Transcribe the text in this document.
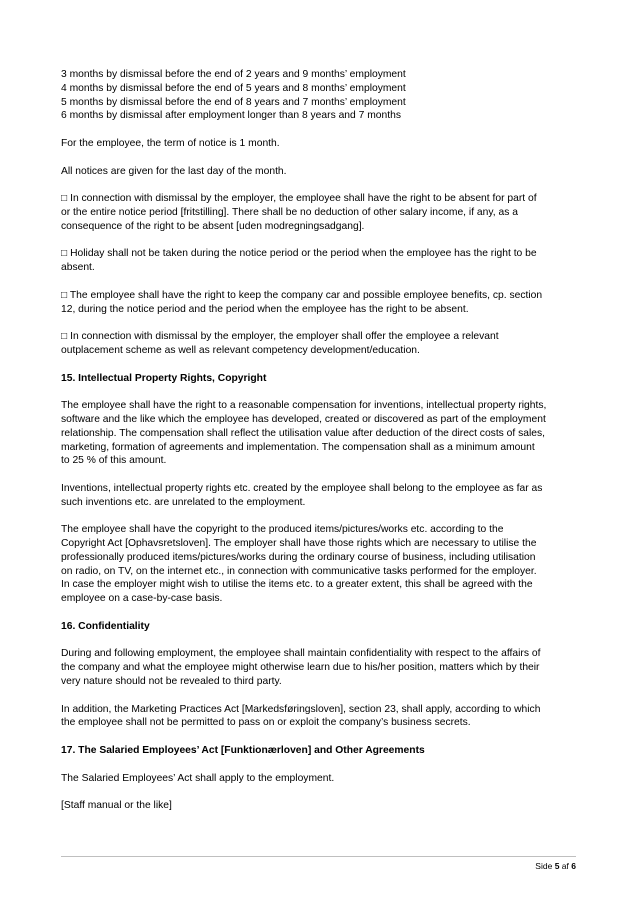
3 months by dismissal before the end of 2 years and 9 months’ employment
4 months by dismissal before the end of 5 years and 8 months’ employment
5 months by dismissal before the end of 8 years and 7 months’ employment
6 months by dismissal after employment longer than 8 years and 7 months
For the employee, the term of notice is 1 month.
All notices are given for the last day of the month.
□ In connection with dismissal by the employer, the employee shall have the right to be absent for part of
or the entire notice period [fritstilling]. There shall be no deduction of other salary income, if any, as a
consequence of the right to be absent [uden modregningsadgang].
□ Holiday shall not be taken during the notice period or the period when the employee has the right to be
absent.
□ The employee shall have the right to keep the company car and possible employee benefits, cp. section
12, during the notice period and the period when the employee has the right to be absent.
□ In connection with dismissal by the employer, the employer shall offer the employee a relevant
outplacement scheme as well as relevant competency development/education.
15. Intellectual Property Rights, Copyright
The employee shall have the right to a reasonable compensation for inventions, intellectual property rights,
software and the like which the employee has developed, created or discovered as part of the employment
relationship. The compensation shall reflect the utilisation value after deduction of the direct costs of sales,
marketing, formation of agreements and implementation. The compensation shall as a minimum amount
to 25 % of this amount.
Inventions, intellectual property rights etc. created by the employee shall belong to the employee as far as
such inventions etc. are unrelated to the employment.
The employee shall have the copyright to the produced items/pictures/works etc. according to the
Copyright Act [Ophavsretsloven]. The employer shall have those rights which are necessary to utilise the
professionally produced items/pictures/works during the ordinary course of business, including utilisation
on radio, on TV, on the internet etc., in connection with communicative tasks performed for the employer.
In case the employer might wish to utilise the items etc. to a greater extent, this shall be agreed with the
employee on a case-by-case basis.
16. Confidentiality
During and following employment, the employee shall maintain confidentiality with respect to the affairs of
the company and what the employee might otherwise learn due to his/her position, matters which by their
very nature should not be revealed to third party.
In addition, the Marketing Practices Act [Markedsføringsloven], section 23, shall apply, according to which
the employee shall not be permitted to pass on or exploit the company’s business secrets.
17. The Salaried Employees’ Act [Funktionærloven] and Other Agreements
The Salaried Employees’ Act shall apply to the employment.
[Staff manual or the like]
Side 5 af 6
